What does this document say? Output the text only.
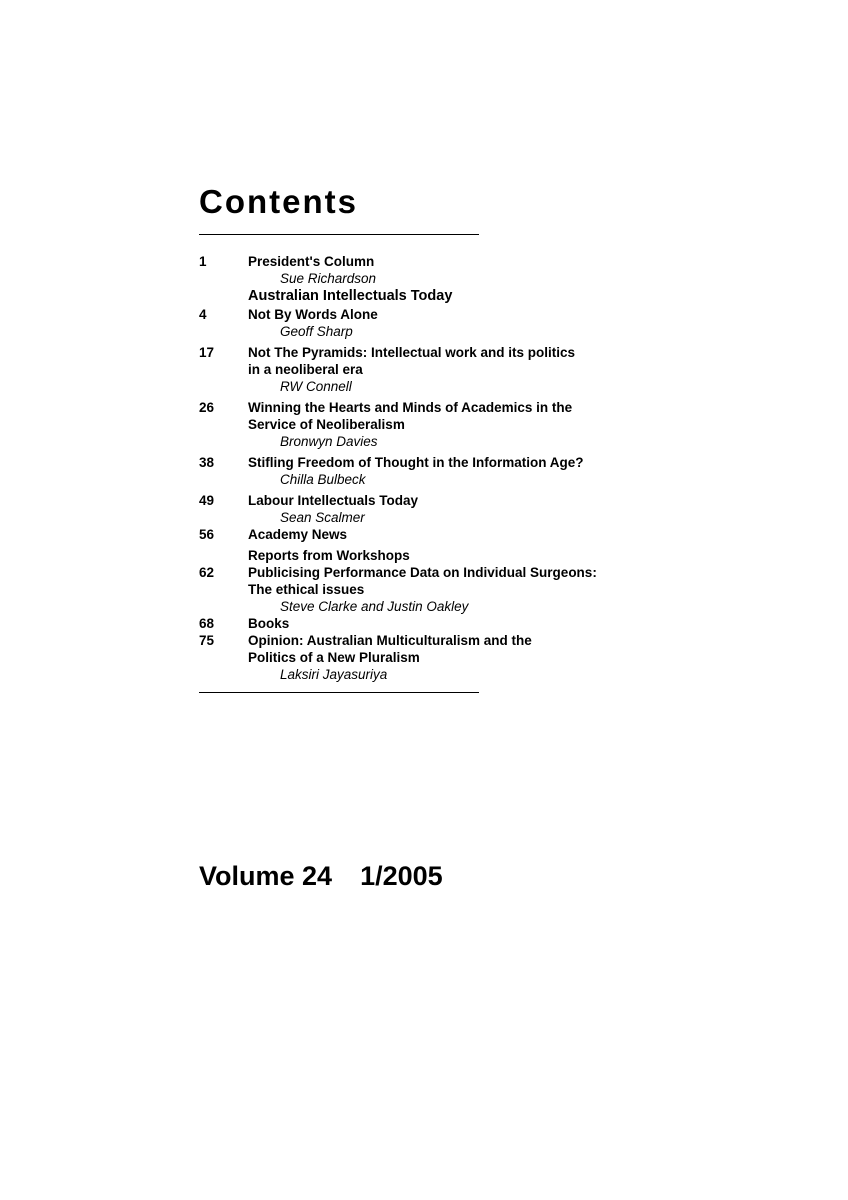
Contents
1	President's Column
Sue Richardson
Australian Intellectuals Today
4	Not By Words Alone
Geoff Sharp
17	Not The Pyramids: Intellectual work and its politics
in a neoliberal era
RW Connell
26	Winning the Hearts and Minds of Academics in the
Service of Neoliberalism
Bronwyn Davies
38	Stifling Freedom of Thought in the Information Age?
Chilla Bulbeck
49	Labour Intellectuals Today
Sean Scalmer
56	Academy News
Reports from Workshops
62	Publicising Performance Data on Individual Surgeons:
The ethical issues
Steve Clarke and Justin Oakley
68	Books
75	Opinion: Australian Multiculturalism and the
Politics of a New Pluralism
Laksiri Jayasuriya
Volume 24 1/2005
